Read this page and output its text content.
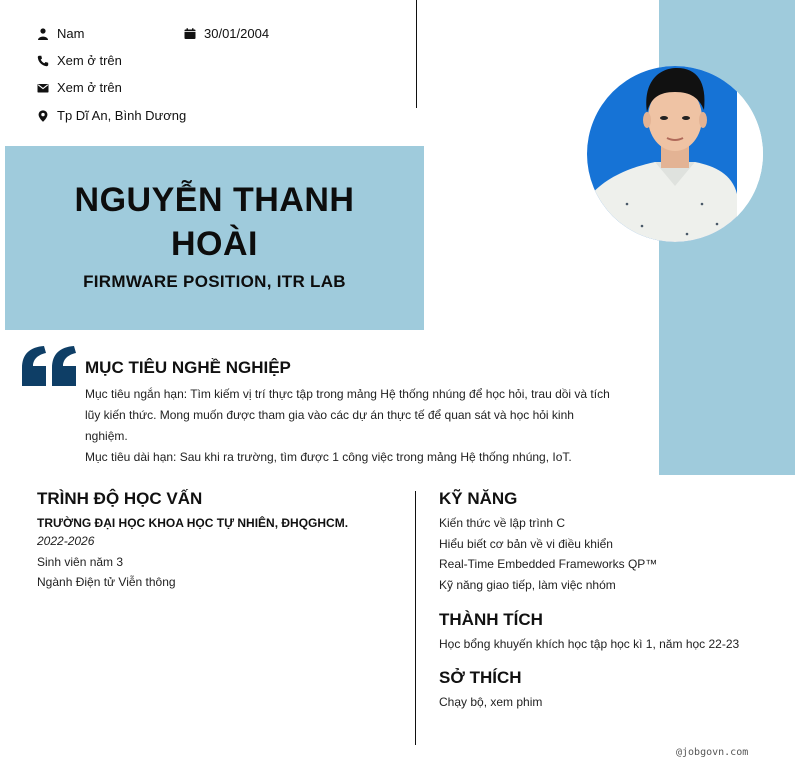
Nam	30/01/2004
Xem ở trên
Xem ở trên
Tp Dĩ An, Bình Dương
NGUYỄN THANH
HOÀI
FIRMWARE POSITION, ITR LAB
MỤC TIÊU NGHỀ NGHIỆP

Mục tiêu ngắn hạn: Tìm kiếm vị trí thực tập trong mảng Hệ thống nhúng để học hỏi, trau dồi và tích lũy kiến thức. Mong muốn được tham gia vào các dự án thực tế để quan sát và học hỏi kinh nghiệm.

Mục tiêu dài hạn: Sau khi ra trường, tìm được 1 công việc trong mảng Hệ thống nhúng, IoT.

TRÌNH ĐỘ HỌC VẤN
TRƯỜNG ĐẠI HỌC KHOA HỌC TỰ NHIÊN, ĐHQGHCM.
2022-2026
Sinh viên năm 3
Ngành Điện tử Viễn thông
KỸ NĂNG
Kiến thức về lập trình C
Hiểu biết cơ bản về vi điều khiển
Real-Time Embedded Frameworks QP™
Kỹ năng giao tiếp, làm việc nhóm
THÀNH TÍCH
Học bổng khuyến khích học tập học kì 1, năm học 22-23
SỞ THÍCH
Chạy bộ, xem phim
@jobgovn.com
